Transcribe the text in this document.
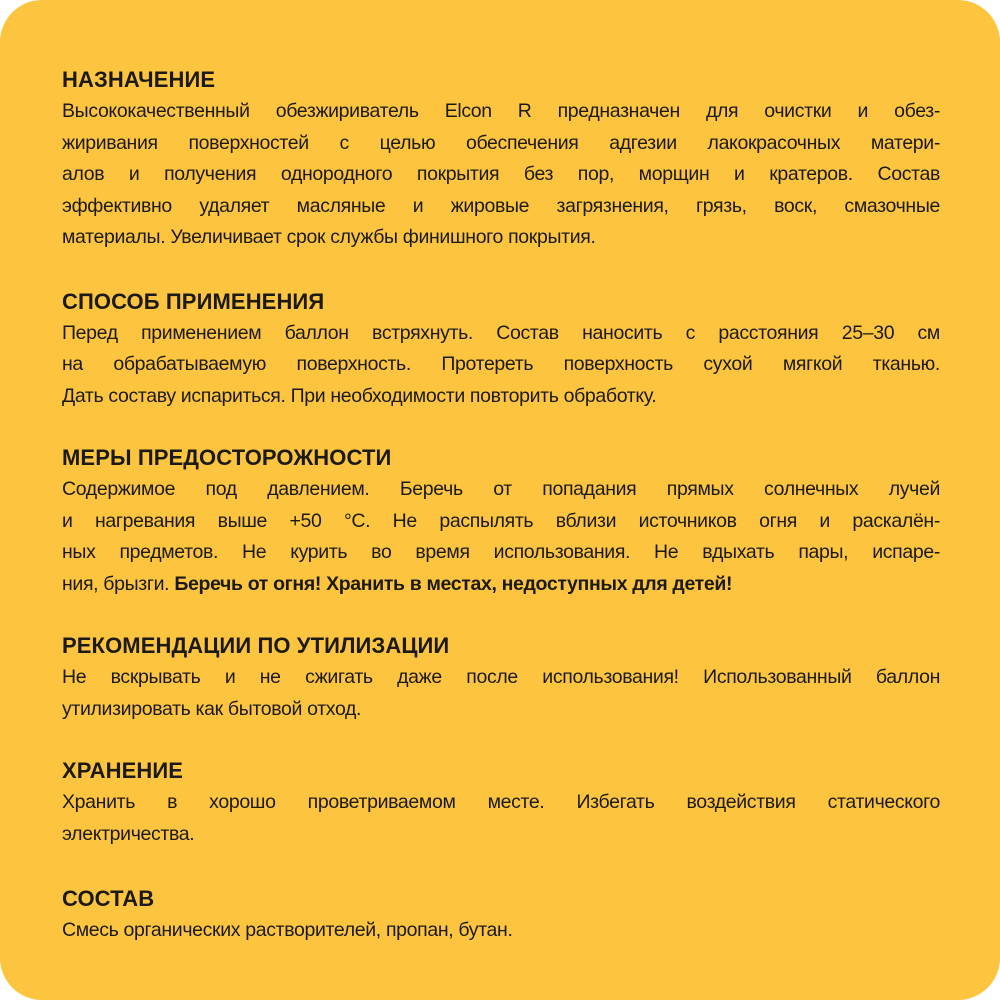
НАЗНАЧЕНИЕ

Высококачественный обезжириватель Elcon R предназначен для очистки и обез-
жиривания поверхностей с целью обеспечения адгезии лакокрасочных матери-
алов и получения однородного покрытия без пор, морщин и кратеров. Состав
эффективно удаляет масляные и жировые загрязнения, грязь, воск, смазочные
материалы. Увеличивает срок службы финишного покрытия.

СПОСОБ ПРИМЕНЕНИЯ

Перед применением баллон встряхнуть. Состав наносить с расстояния 25–30 см
на обрабатываемую поверхность. Протереть поверхность сухой мягкой тканью.
Дать составу испариться. При необходимости повторить обработку.

МЕРЫ ПРЕДОСТОРОЖНОСТИ

Содержимое под давлением. Беречь от попадания прямых солнечных лучей
и нагревания выше +50 °С. Не распылять вблизи источников огня и раскалён-
ных предметов. Не курить во время использования. Не вдыхать пары, испаре-
ния, брызги. Беречь от огня! Хранить в местах, недоступных для детей!

РЕКОМЕНДАЦИИ ПО УТИЛИЗАЦИИ

Не вскрывать и не сжигать даже после использования! Использованный баллон
утилизировать как бытовой отход.

ХРАНЕНИЕ

Хранить в хорошо проветриваемом месте. Избегать воздействия статического
электричества.

СОСТАВ

Смесь органических растворителей, пропан, бутан.
